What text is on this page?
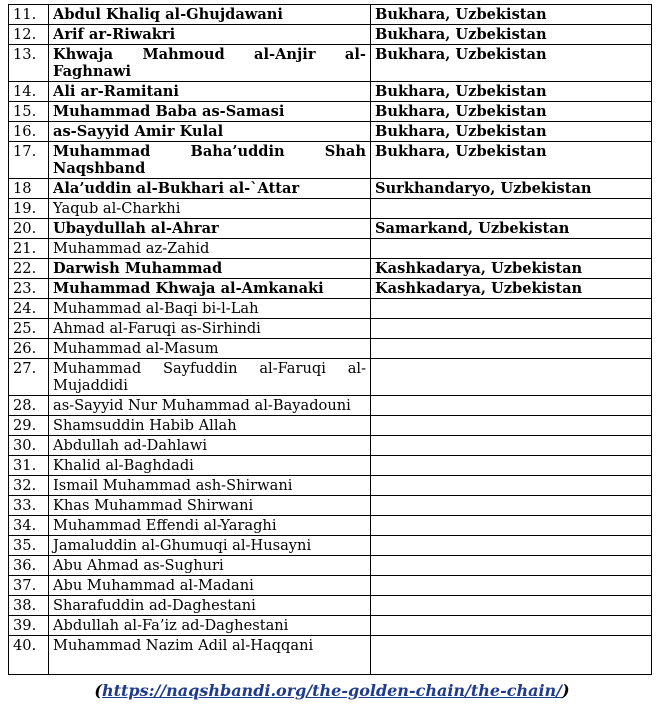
11.	Abdul Khaliq al-Ghujdawani	Bukhara, Uzbekistan
12.	Arif ar-Riwakri	Bukhara, Uzbekistan
13.	Khwaja Mahmoud al-Anjir al-Faghnawi	Bukhara, Uzbekistan
14.	Ali ar-Ramitani	Bukhara, Uzbekistan
15.	Muhammad Baba as-Samasi	Bukhara, Uzbekistan
16.	as-Sayyid Amir Kulal	Bukhara, Uzbekistan
17.	Muhammad Baha’uddin Shah Naqshband	Bukhara, Uzbekistan
18	Ala’uddin al-Bukhari al-`Attar	Surkhandaryo, Uzbekistan
19.	Yaqub al-Charkhi	
20.	Ubaydullah al-Ahrar	Samarkand, Uzbekistan
21.	Muhammad az-Zahid	
22.	Darwish Muhammad	Kashkadarya, Uzbekistan
23.	Muhammad Khwaja al-Amkanaki	Kashkadarya, Uzbekistan
24.	Muhammad al-Baqi bi-l-Lah	
25.	Ahmad al-Faruqi as-Sirhindi	
26.	Muhammad al-Masum	
27.	Muhammad Sayfuddin al-Faruqi al-Mujaddidi	
28.	as-Sayyid Nur Muhammad al-Bayadouni	
29.	Shamsuddin Habib Allah	
30.	Abdullah ad-Dahlawi	
31.	Khalid al-Baghdadi	
32.	Ismail Muhammad ash-Shirwani	
33.	Khas Muhammad Shirwani	
34.	Muhammad Effendi al-Yaraghi	
35.	Jamaluddin al-Ghumuqi al-Husayni	
36.	Abu Ahmad as-Sughuri	
37.	Abu Muhammad al-Madani	
38.	Sharafuddin ad-Daghestani	
39.	Abdullah al-Fa’iz ad-Daghestani	
40.	Muhammad Nazim Adil al-Haqqani	
(https://naqshbandi.org/the-golden-chain/the-chain/)
